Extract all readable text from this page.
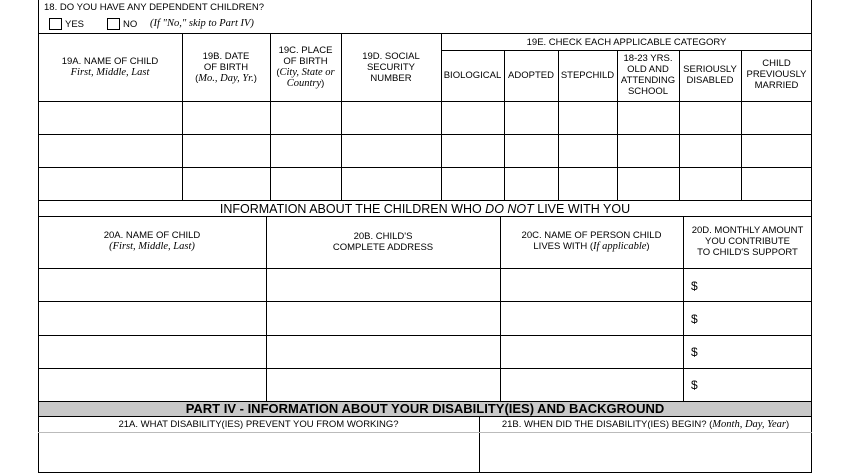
18. DO YOU HAVE ANY DEPENDENT CHILDREN?
YES	NO (If "No," skip to Part IV)
19A. NAME OF CHILD
First, Middle, Last
19B. DATE
OF BIRTH
(Mo., Day, Yr.)
19C. PLACE
OF BIRTH
(City, State or
Country)
19D. SOCIAL
SECURITY
NUMBER
19E. CHECK EACH APPLICABLE CATEGORY
BIOLOGICAL ADOPTED STEPCHILD
18-23 YRS.
OLD AND
ATTENDING
SCHOOL
SERIOUSLY
DISABLED
CHILD
PREVIOUSLY
MARRIED
INFORMATION ABOUT THE CHILDREN WHO DO NOT LIVE WITH YOU
20A. NAME OF CHILD
(First, Middle, Last)
20B. CHILD'S
COMPLETE ADDRESS
20C. NAME OF PERSON CHILD
LIVES WITH (If applicable)
20D. MONTHLY AMOUNT
YOU CONTRIBUTE
TO CHILD'S SUPPORT
$
$
$
$
PART IV - INFORMATION ABOUT YOUR DISABILITY(IES) AND BACKGROUND
21A. WHAT DISABILITY(IES) PREVENT YOU FROM WORKING?	21B. WHEN DID THE DISABILITY(IES) BEGIN? (Month, Day, Year)
